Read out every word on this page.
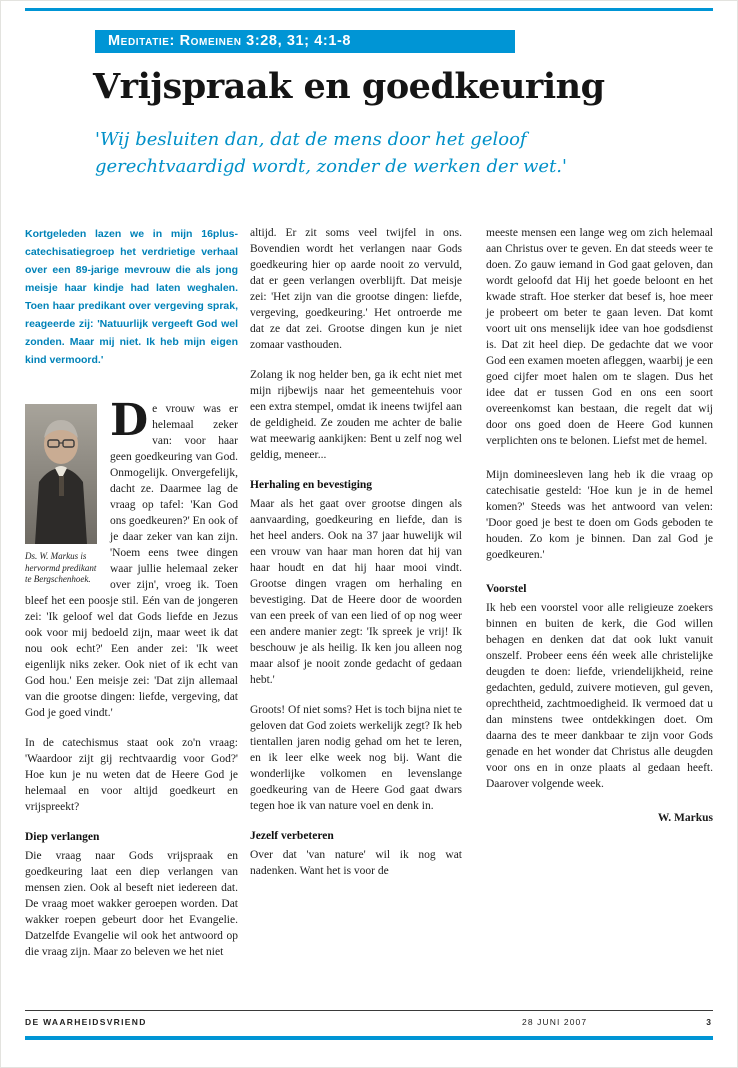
Meditatie: Romeinen 3:28, 31; 4:1-8
Vrijspraak en goedkeuring
'Wij besluiten dan, dat de mens door het geloof gerechtvaardigd wordt, zonder de werken der wet.'
Kortgeleden lazen we in mijn 16plus-catechisatiegroep het verdrietige verhaal over een 89-jarige mevrouw die als jong meisje haar kindje had laten weghalen. Toen haar predikant over vergeving sprak, reageerde zij: 'Natuurlijk vergeeft God wel zonden. Maar mij niet. Ik heb mijn eigen kind vermoord.'
Ds. W. Markus is hervormd predikant te Bergschenhoek.

De vrouw was er helemaal zeker van: voor haar geen goedkeuring van God. Onmogelijk. Onvergefelijk, dacht ze. Daarmee lag de vraag op tafel: 'Kan God ons goedkeuren?' En ook of je daar zeker van kan zijn. 'Noem eens twee dingen waar jullie helemaal zeker over zijn', vroeg ik. Toen bleef het een poosje stil. Eén van de jongeren zei: 'Ik geloof wel dat Gods liefde en Jezus ook voor mij bedoeld zijn, maar weet ik dat nou ook echt?' Een ander zei: 'Ik weet eigenlijk niks zeker. Ook niet of ik echt van God hou.' Een meisje zei: 'Dat zijn allemaal van die grootse dingen: liefde, vergeving, dat God je goed vindt.'

In de catechismus staat ook zo'n vraag: 'Waardoor zijt gij rechtvaardig voor God?' Hoe kun je nu weten dat de Heere God je helemaal en voor altijd goedkeurt en vrijspreekt?

Diep verlangen

Die vraag naar Gods vrijspraak en goedkeuring laat een diep verlangen van mensen zien. Ook al beseft niet iedereen dat. De vraag moet wakker geroepen worden. Dat wakker roepen gebeurt door het Evangelie. Datzelfde Evangelie wil ook het antwoord op die vraag zijn. Maar zo beleven we het niet

altijd. Er zit soms veel twijfel in ons. Bovendien wordt het verlangen naar Gods goedkeuring hier op aarde nooit zo vervuld, dat er geen verlangen overblijft. Dat meisje zei: 'Het zijn van die grootse dingen: liefde, vergeving, goedkeuring.' Het ontroerde me dat ze dat zei. Grootse dingen kun je niet zomaar vasthouden.

Zolang ik nog helder ben, ga ik echt niet met mijn rijbewijs naar het gemeentehuis voor een extra stempel, omdat ik ineens twijfel aan de geldigheid. Ze zouden me achter de balie wat meewarig aankijken: Bent u zelf nog wel geldig, meneer...

Herhaling en bevestiging

Maar als het gaat over grootse dingen als aanvaarding, goedkeuring en liefde, dan is het heel anders. Ook na 37 jaar huwelijk wil een vrouw van haar man horen dat hij van haar houdt en dat hij haar mooi vindt. Grootse dingen vragen om herhaling en bevestiging. Dat de Heere door de woorden van een preek of van een lied of op nog weer een andere manier zegt: 'Ik spreek je vrij! Ik beschouw je als heilig. Ik ken jou alleen nog maar alsof je nooit zonde gedacht of gedaan hebt.'

Groots! Of niet soms? Het is toch bijna niet te geloven dat God zoiets werkelijk zegt? Ik heb tientallen jaren nodig gehad om het te leren, en ik leer elke week nog bij. Want die wonderlijke volkomen en levenslange goedkeuring van de Heere God gaat dwars tegen hoe ik van nature voel en denk in.

Jezelf verbeteren

Over dat 'van nature' wil ik nog wat nadenken. Want het is voor de

meeste mensen een lange weg om zich helemaal aan Christus over te geven. En dat steeds weer te doen. Zo gauw iemand in God gaat geloven, dan wordt geloofd dat Hij het goede beloont en het kwade straft. Hoe sterker dat besef is, hoe meer je probeert om beter te gaan leven. Dat komt voort uit ons menselijk idee van hoe godsdienst is. Dat zit heel diep. De gedachte dat we voor God een examen moeten afleggen, waarbij je een goed cijfer moet halen om te slagen. Dus het idee dat er tussen God en ons een soort overeenkomst kan bestaan, die regelt dat wij door ons goed doen de Heere God kunnen verplichten ons te belonen. Liefst met de hemel.

Mijn domineesleven lang heb ik die vraag op catechisatie gesteld: 'Hoe kun je in de hemel komen?' Steeds was het antwoord van velen: 'Door goed je best te doen om Gods geboden te houden. Zo kom je binnen. Dan zal God je goedkeuren.'

Voorstel

Ik heb een voorstel voor alle religieuze zoekers binnen en buiten de kerk, die God willen behagen en denken dat dat ook lukt vanuit onszelf. Probeer eens één week alle christelijke deugden te doen: liefde, vriendelijkheid, reine gedachten, geduld, zuivere motieven, gul geven, oprechtheid, zachtmoedigheid. Ik vermoed dat u dan minstens twee ontdekkingen doet. Om daarna des te meer dankbaar te zijn voor Gods genade en het wonder dat Christus alle deugden voor ons en in onze plaats al gedaan heeft. Daarover volgende week.

W. Markus
DE WAARHEIDSVRIEND	28 JUNI 2007	3
